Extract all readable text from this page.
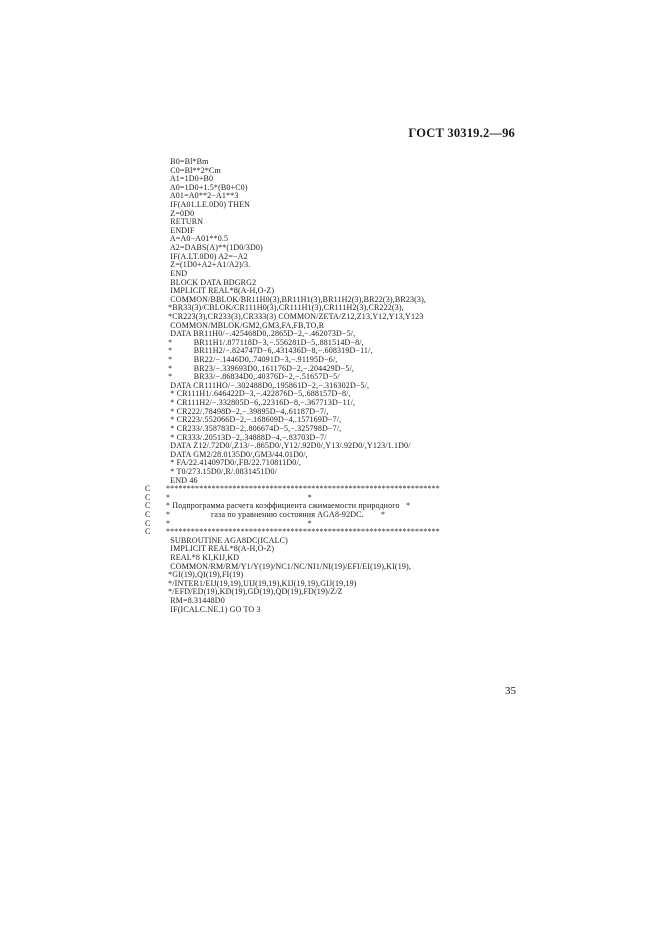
ГОСТ 30319.2—96
B0=Bl*Bm
C0=Bl**2*Cm
A1=1D0+B0
A0=1D0+1.5*(B0+C0)
A01=A0**2−A1**3
IF(A01.LE.0D0) THEN
Z=0D0
RETURN
ENDIF
A=A0−A01**0.5
A2=DABS(A)**(1D0/3D0)
IF(A.LT.0D0) A2=−A2
Z=(1D0+A2+A1/A2)/3.
END
BLOCK DATA BDGRG2
IMPLICIT REAL*8(A-H,O-Z)
COMMON/BBLOK/BR11H0(3),BR11H1(3),BR11H2(3),BR22(3),BR23(3),
*BR33(3)/CBLOK/CR111H0(3),CR111H1(3),CR111H2(3),CR222(3),
*CR223(3),CR233(3),CR333(3) COMMON/ZETA/Z12,Z13,Y12,Y13,Y123
COMMON/MBLOK/GM2,GM3,FA,FB,TO,R
DATA BR11H0/−.425468D0,.2865D−2,−.462073D−5/,
*          BR11H1/.877118D−3,−.556281D−5,.881514D−8/,
*          BR11H2/−.824747D−6,.431436D−8,−.608319D−11/,
*          BR22/−.1446D0,.74091D−3,−.91195D−6/,
*          BR23/−.339693D0,.161176D−2,−.204429D−5/,
*          BR33/−.86834D0,.40376D−2,−.51657D−5/
DATA CR111HO/−.302488D0,.195861D−2,−.316302D−5/,
* CR111H1/.646422D−3,−.422876D−5,.688157D−8/,
* CR111H2/−.332805D−6,.22316D−8,−.367713D−11/,
* CR222/.78498D−2,−.39895D−4,.61187D−7/,
* CR223/.552066D−2,−.168609D−4,.157169D−7/,
* CR233/.358783D−2,.806674D−5,−.325798D−7/,
* CR333/.20513D−2,.34888D−4,−.83703D−7/
DATA Z12/.72D0/,Z13/−.865D0/,Y12/.92D0/,Y13/.92D0/,Y123/1.1D0/
DATA GM2/28.0135D0/,GM3/44.01D0/,
* FA/22.414097D0/,FB/22.710811D0/,
* T0/273.15D0/,R/.0831451D0/
END 46
C ******************************************************************
C *                                                                *
C * Подпрограмма расчета коэффициента сжимаемости природного   *
C *                   газа по уравнению состояния AGA8-92DC.        *
C *                                                                *
C ******************************************************************
SUBROUTINE AGA8DC(ICALC)
IMPLICIT REAL*8(A-H,O-Z)
REAL*8 KI,KIJ,KD
COMMON/RM/RM/Y1/Y(19)/NC1/NC/NI1/NI(19)/EFI/EI(19),KI(19),
*GI(19),QI(19),FI(19)
*/INTER1/EIJ(19,19),UIJ(19,19),KIJ(19,19),GIJ(19,19)
*/EFD/ED(19),KD(19),GD(19),QD(19),FD(19)/Z/Z
RM=8.31448D0
IF(ICALC.NE.1) GO TO 3
35
